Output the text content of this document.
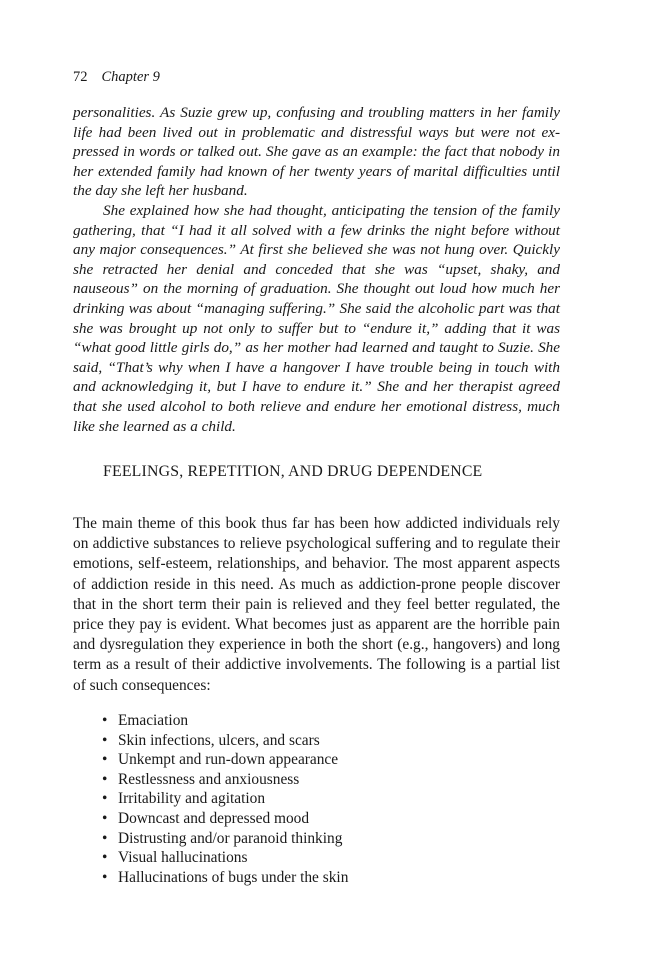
72 Chapter 9

personalities. As Suzie grew up, confusing and troubling matters in her family life had been lived out in problematic and distressful ways but were not expressed in words or talked out. She gave as an example: the fact that nobody in her extended family had known of her twenty years of marital difficulties until the day she left her husband.

She explained how she had thought, anticipating the tension of the family gathering, that “I had it all solved with a few drinks the night before without any major consequences.” At first she believed she was not hung over. Quickly she retracted her denial and conceded that she was “upset, shaky, and nauseous” on the morning of graduation. She thought out loud how much her drinking was about “managing suffering.” She said the alcoholic part was that she was brought up not only to suffer but to “endure it,” adding that it was “what good little girls do,” as her mother had learned and taught to Suzie. She said, “That’s why when I have a hangover I have trouble being in touch with and acknowledging it, but I have to endure it.” She and her therapist agreed that she used alcohol to both relieve and endure her emotional distress, much like she learned as a child.

FEELINGS, REPETITION, AND DRUG DEPENDENCE

The main theme of this book thus far has been how addicted individuals rely on addictive substances to relieve psychological suffering and to regulate their emotions, self-esteem, relationships, and behavior. The most apparent aspects of addiction reside in this need. As much as addiction-prone people discover that in the short term their pain is relieved and they feel better regulated, the price they pay is evident. What becomes just as apparent are the horrible pain and dysregulation they experience in both the short (e.g., hangovers) and long term as a result of their addictive involvements. The following is a partial list of such consequences:

• Emaciation
• Skin infections, ulcers, and scars
• Unkempt and run-down appearance
• Restlessness and anxiousness
• Irritability and agitation
• Downcast and depressed mood
• Distrusting and/or paranoid thinking
• Visual hallucinations
• Hallucinations of bugs under the skin
